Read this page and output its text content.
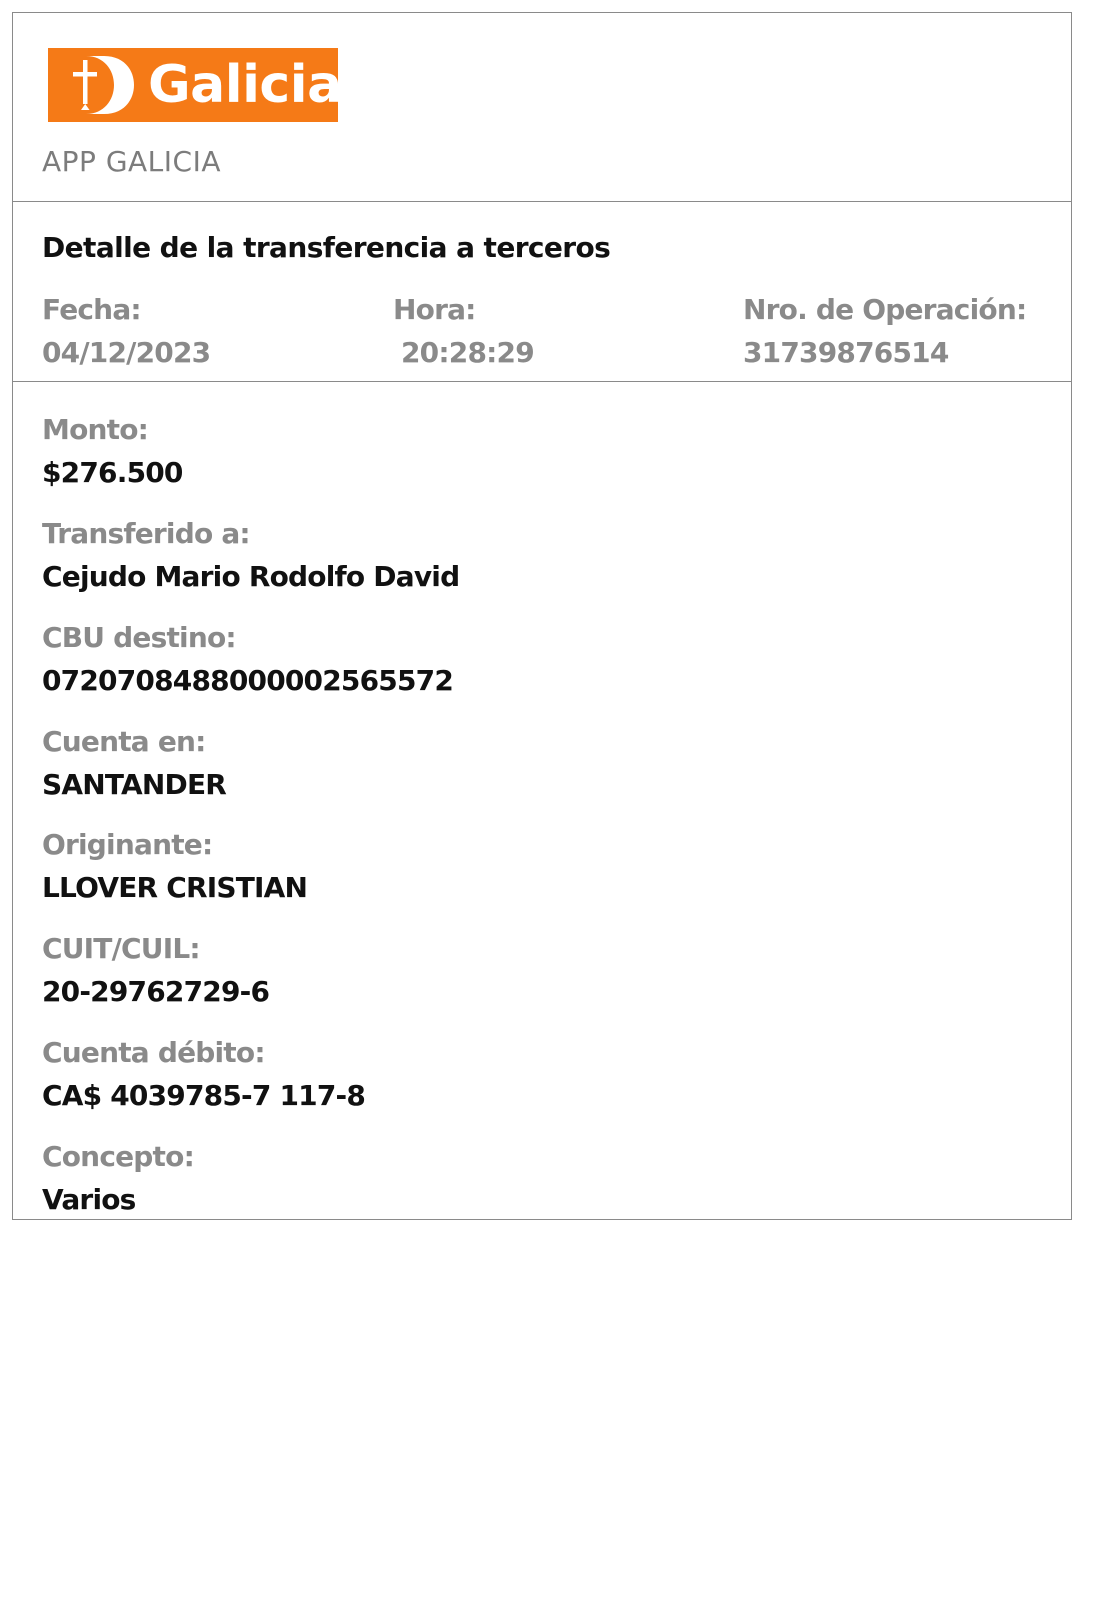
Galicia
APP GALICIA
Detalle de la transferencia a terceros
Fecha:
04/12/2023
Hora:
20:28:29
Nro. de Operación:
31739876514
Monto:
$276.500
Transferido a:
Cejudo Mario Rodolfo David
CBU destino:
0720708488000002565572
Cuenta en:
SANTANDER
Originante:
LLOVER CRISTIAN
CUIT/CUIL:
20-29762729-6
Cuenta débito:
CA$ 4039785-7 117-8
Concepto:
Varios
